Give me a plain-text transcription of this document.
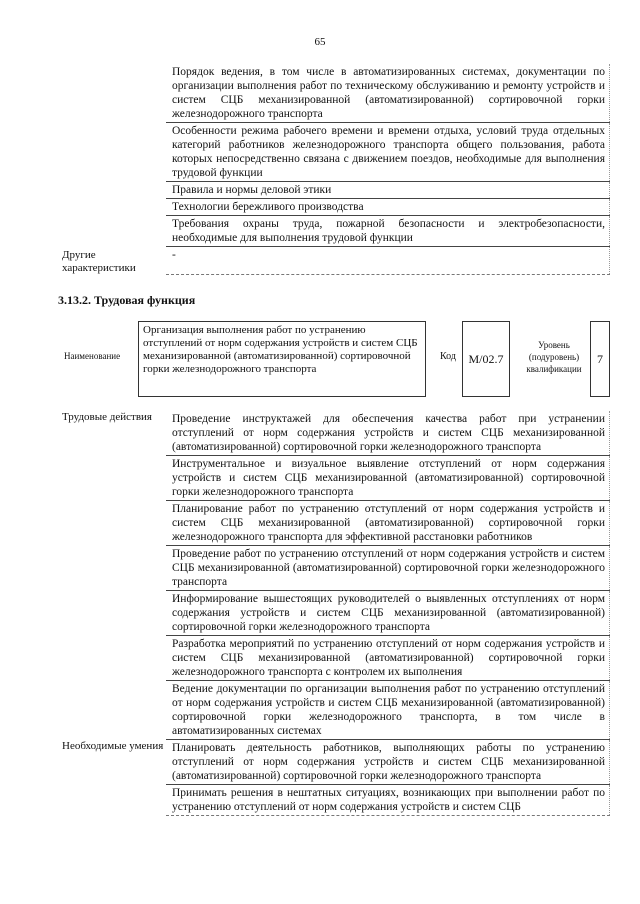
65
	Порядок ведения, в том числе в автоматизированных системах, документации по организации выполнения работ по техническому обслуживанию и ремонту устройств и систем СЦБ механизированной (автоматизированной) сортировочной горки железнодорожного транспорта
	Особенности режима рабочего времени и времени отдыха, условий труда отдельных категорий работников железнодорожного транспорта общего пользования, работа которых непосредственно связана с движением поездов, необходимые для выполнения трудовой функции
	Правила и нормы деловой этики
	Технологии бережливого производства
	Требования охраны труда, пожарной безопасности и электробезопасности, необходимые для выполнения трудовой функции
Другие характеристики	-
3.13.2. Трудовая функция
Наименование
Организация выполнения работ по устранению отступлений от норм содержания устройств и систем СЦБ механизированной (автоматизированной) сортировочной горки железнодорожного транспорта
Код	М/02.7
Уровень (подуровень) квалификации
7
Трудовые действия	Проведение инструктажей для обеспечения качества работ при устранении отступлений от норм содержания устройств и систем СЦБ механизированной (автоматизированной) сортировочной горки железнодорожного транспорта
	Инструментальное и визуальное выявление отступлений от норм содержания устройств и систем СЦБ механизированной (автоматизированной) сортировочной горки железнодорожного транспорта
	Планирование работ по устранению отступлений от норм содержания устройств и систем СЦБ механизированной (автоматизированной) сортировочной горки железнодорожного транспорта для эффективной расстановки работников
	Проведение работ по устранению отступлений от норм содержания устройств и систем СЦБ механизированной (автоматизированной) сортировочной горки железнодорожного транспорта
	Информирование вышестоящих руководителей о выявленных отступлениях от норм содержания устройств и систем СЦБ механизированной (автоматизированной) сортировочной горки железнодорожного транспорта
	Разработка мероприятий по устранению отступлений от норм содержания устройств и систем СЦБ механизированной (автоматизированной) сортировочной горки железнодорожного транспорта с контролем их выполнения
	Ведение документации по организации выполнения работ по устранению отступлений от норм содержания устройств и систем СЦБ механизированной (автоматизированной) сортировочной горки железнодорожного транспорта, в том числе в автоматизированных системах
Необходимые умения	Планировать деятельность работников, выполняющих работы по устранению отступлений от норм содержания устройств и систем СЦБ механизированной (автоматизированной) сортировочной горки железнодорожного транспорта
	Принимать решения в нештатных ситуациях, возникающих при выполнении работ по устранению отступлений от норм содержания устройств и систем СЦБ
